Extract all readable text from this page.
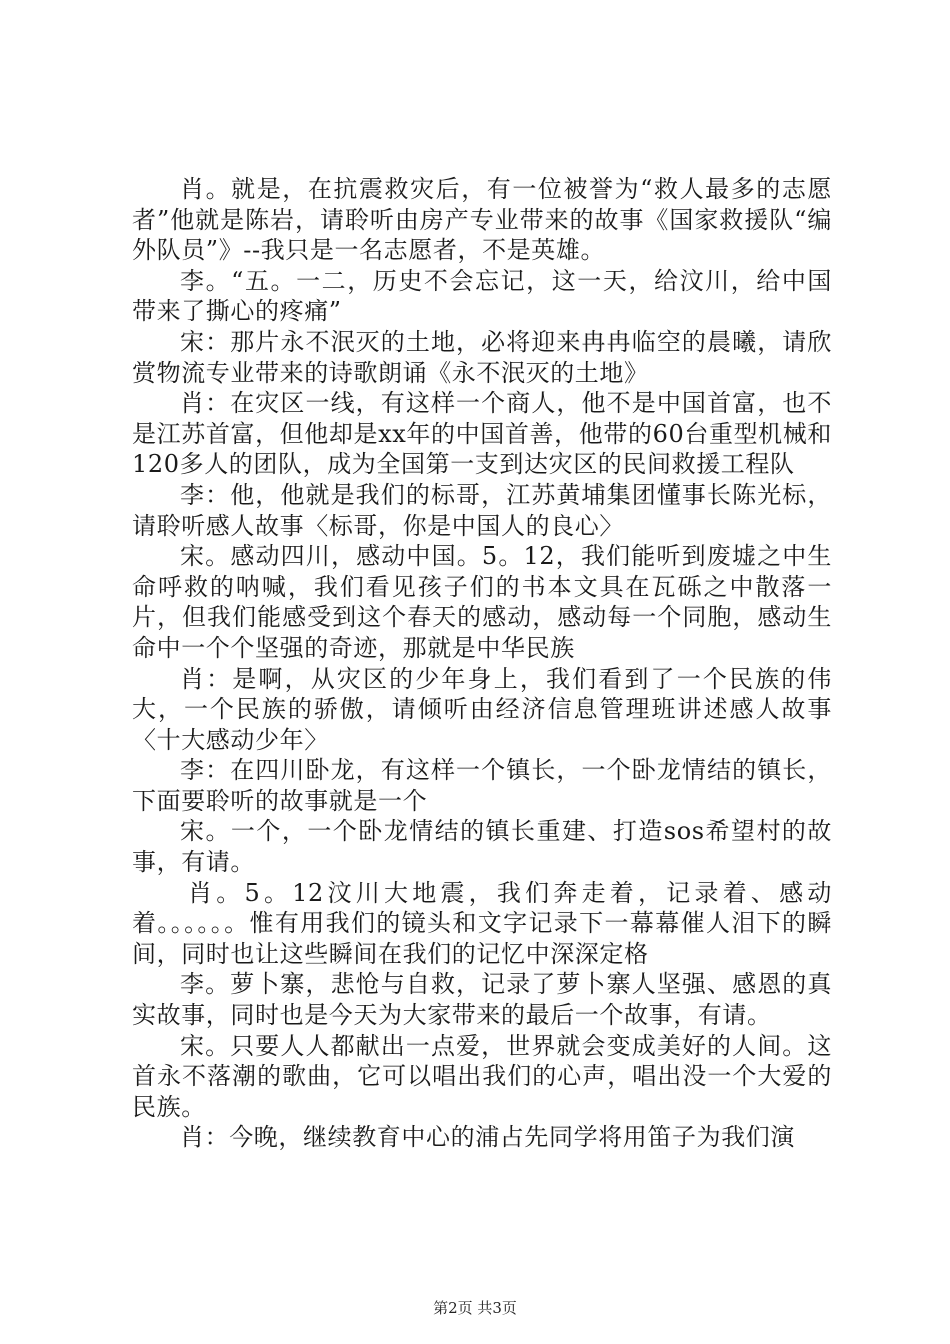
肖。就是，在抗震救灾后，有一位被誉为“救人最多的志愿者”他就是陈岩，请聆听由房产专业带来的故事《国家救援队“编外队员”》--我只是一名志愿者，不是英雄。

李。“五。一二，历史不会忘记，这一天，给汶川，给中国带来了撕心的疼痛”

宋：那片永不泯灭的土地，必将迎来冉冉临空的晨曦，请欣赏物流专业带来的诗歌朗诵《永不泯灭的土地》

肖：在灾区一线，有这样一个商人，他不是中国首富，也不是江苏首富，但他却是xx年的中国首善，他带的60台重型机械和120多人的团队，成为全国第一支到达灾区的民间救援工程队

李：他，他就是我们的标哥，江苏黄埔集团懂事长陈光标，请聆听感人故事〈标哥，你是中国人的良心〉

宋。感动四川，感动中国。5。12，我们能听到废墟之中生命呼救的呐喊，我们看见孩子们的书本文具在瓦砾之中散落一片，但我们能感受到这个春天的感动，感动每一个同胞，感动生命中一个个坚强的奇迹，那就是中华民族

肖：是啊，从灾区的少年身上，我们看到了一个民族的伟大，一个民族的骄傲，请倾听由经济信息管理班讲述感人故事〈十大感动少年〉

李：在四川卧龙，有这样一个镇长，一个卧龙情结的镇长，下面要聆听的故事就是一个

宋。一个，一个卧龙情结的镇长重建、打造sos希望村的故事，有请。

肖。5。12汶川大地震，我们奔走着，记录着、感动着。。。。。。惟有用我们的镜头和文字记录下一幕幕催人泪下的瞬间，同时也让这些瞬间在我们的记忆中深深定格

李。萝卜寨，悲怆与自救，记录了萝卜寨人坚强、感恩的真实故事，同时也是今天为大家带来的最后一个故事，有请。

宋。只要人人都献出一点爱，世界就会变成美好的人间。这首永不落潮的歌曲，它可以唱出我们的心声，唱出没一个大爱的民族。

肖：今晚，继续教育中心的浦占先同学将用笛子为我们演

第2页 共3页
